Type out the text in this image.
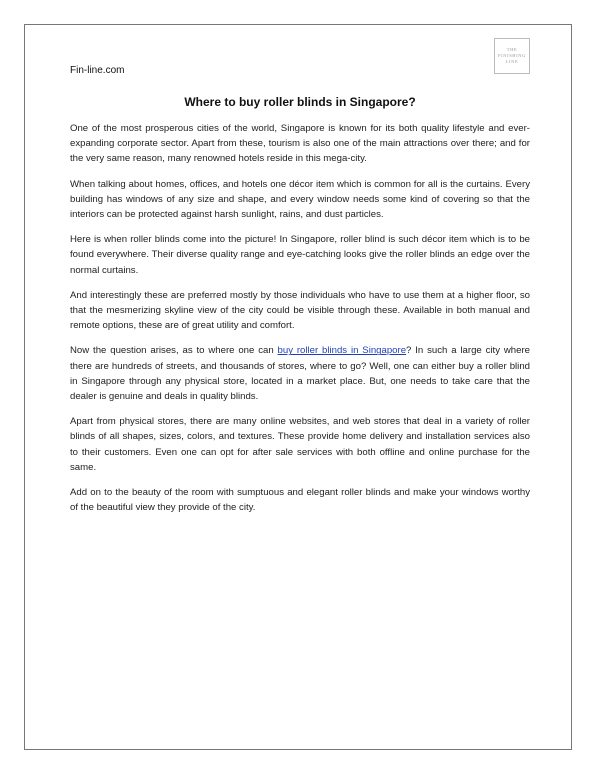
Fin-line.com
THE
FINISHING
LINE
Where to buy roller blinds in Singapore?

One of the most prosperous cities of the world, Singapore is known for its both quality lifestyle and ever-expanding corporate sector. Apart from these, tourism is also one of the main attractions over there; and for the very same reason, many renowned hotels reside in this mega-city.

When talking about homes, offices, and hotels one décor item which is common for all is the curtains. Every building has windows of any size and shape, and every window needs some kind of covering so that the interiors can be protected against harsh sunlight, rains, and dust particles.

Here is when roller blinds come into the picture! In Singapore, roller blind is such décor item which is to be found everywhere. Their diverse quality range and eye-catching looks give the roller blinds an edge over the normal curtains.

And interestingly these are preferred mostly by those individuals who have to use them at a higher floor, so that the mesmerizing skyline view of the city could be visible through these. Available in both manual and remote options, these are of great utility and comfort.

Now the question arises, as to where one can buy roller blinds in Singapore? In such a large city where there are hundreds of streets, and thousands of stores, where to go? Well, one can either buy a roller blind in Singapore through any physical store, located in a market place. But, one needs to take care that the dealer is genuine and deals in quality blinds.

Apart from physical stores, there are many online websites, and web stores that deal in a variety of roller blinds of all shapes, sizes, colors, and textures. These provide home delivery and installation services also to their customers. Even one can opt for after sale services with both offline and online purchase for the same.

Add on to the beauty of the room with sumptuous and elegant roller blinds and make your windows worthy of the beautiful view they provide of the city.
